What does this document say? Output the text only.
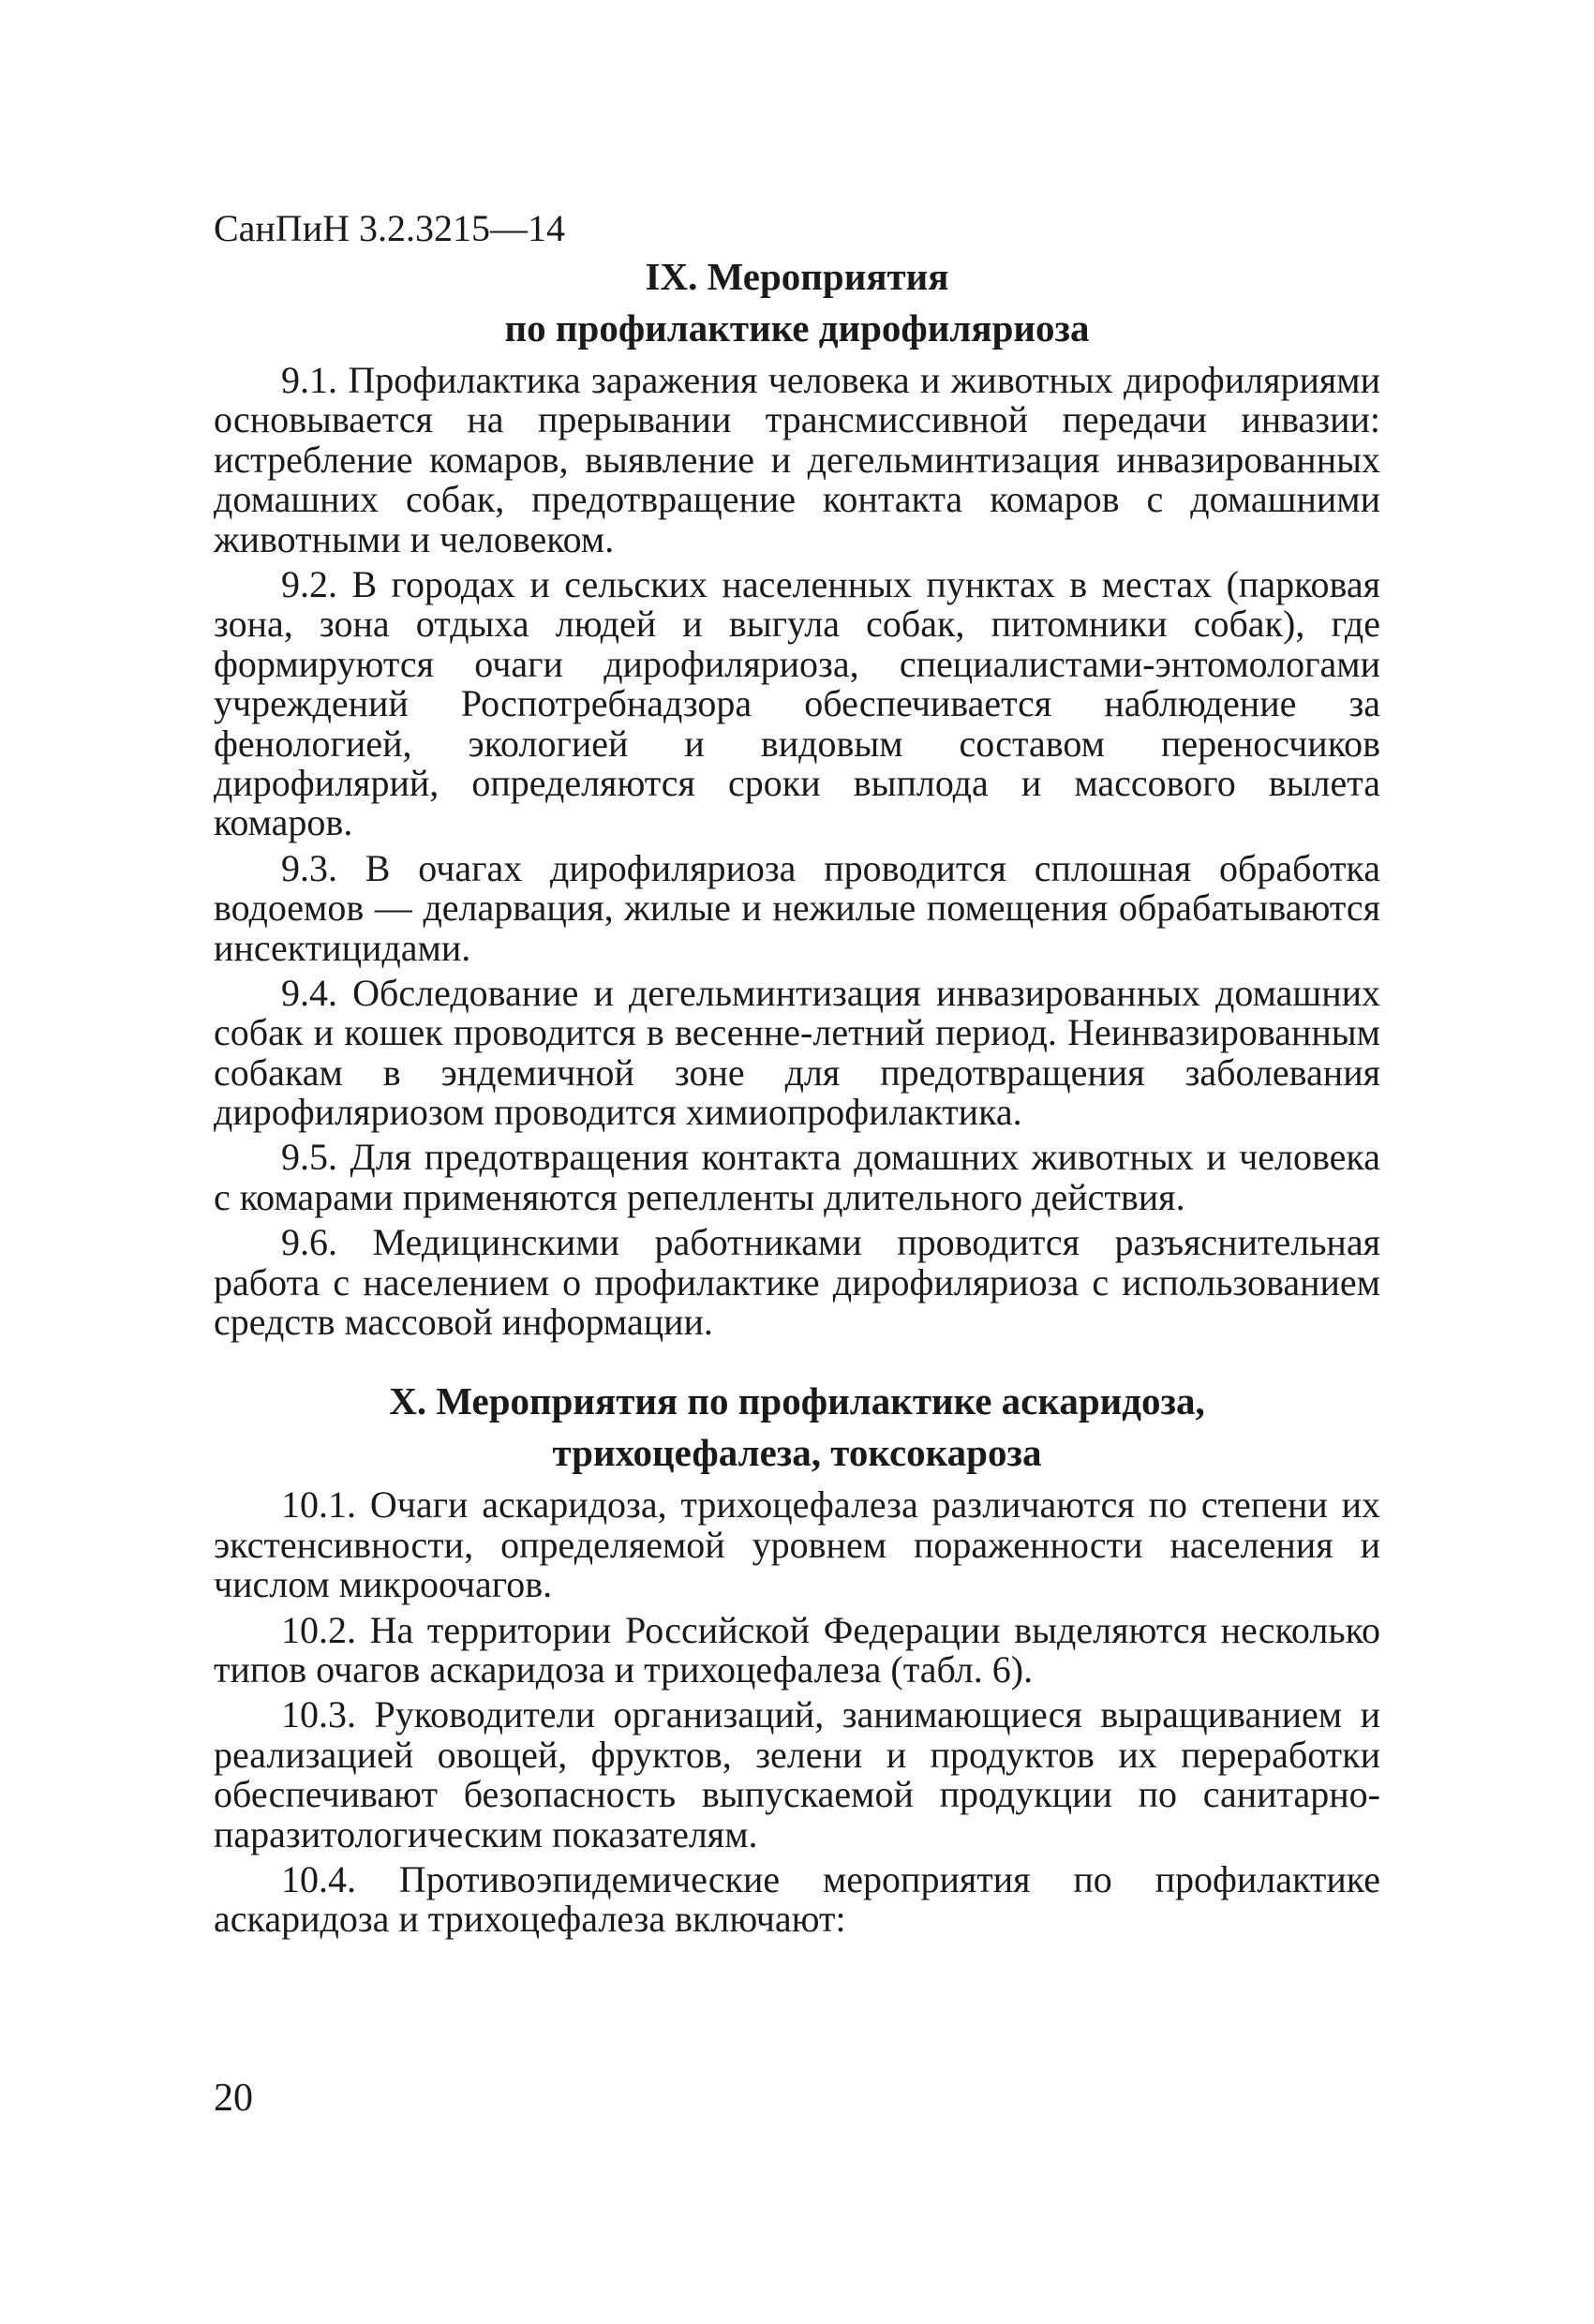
СанПиН 3.2.3215—14
IX. Мероприятия
по профилактике дирофиляриоза

9.1. Профилактика заражения человека и животных дирофиляриями основывается на прерывании трансмиссивной передачи инвазии: истребление комаров, выявление и дегельминтизация инвазированных домашних собак, предотвращение контакта комаров с домашними животными и человеком.

9.2. В городах и сельских населенных пунктах в местах (парковая зона, зона отдыха людей и выгула собак, питомники собак), где формируются очаги дирофиляриоза, специалистами-энтомологами учреждений Роспотребнадзора обеспечивается наблюдение за фенологией, экологией и видовым составом переносчиков дирофилярий, определяются сроки выплода и массового вылета комаров.

9.3. В очагах дирофиляриоза проводится сплошная обработка водоемов — деларвация, жилые и нежилые помещения обрабатываются инсектицидами.

9.4. Обследование и дегельминтизация инвазированных домашних собак и кошек проводится в весенне-летний период. Неинвазированным собакам в эндемичной зоне для предотвращения заболевания дирофиляриозом проводится химиопрофилактика.

9.5. Для предотвращения контакта домашних животных и человека с комарами применяются репелленты длительного действия.

9.6. Медицинскими работниками проводится разъяснительная работа с населением о профилактике дирофиляриоза с использованием средств массовой информации.

X. Мероприятия по профилактике аскаридоза,
трихоцефалеза, токсокароза

10.1. Очаги аскаридоза, трихоцефалеза различаются по степени их экстенсивности, определяемой уровнем пораженности населения и числом микроочагов.

10.2. На территории Российской Федерации выделяются несколько типов очагов аскаридоза и трихоцефалеза (табл. 6).

10.3. Руководители организаций, занимающиеся выращиванием и реализацией овощей, фруктов, зелени и продуктов их переработки обеспечивают безопасность выпускаемой продукции по санитарно-паразитологическим показателям.

10.4. Противоэпидемические мероприятия по профилактике аскаридоза и трихоцефалеза включают:

20
